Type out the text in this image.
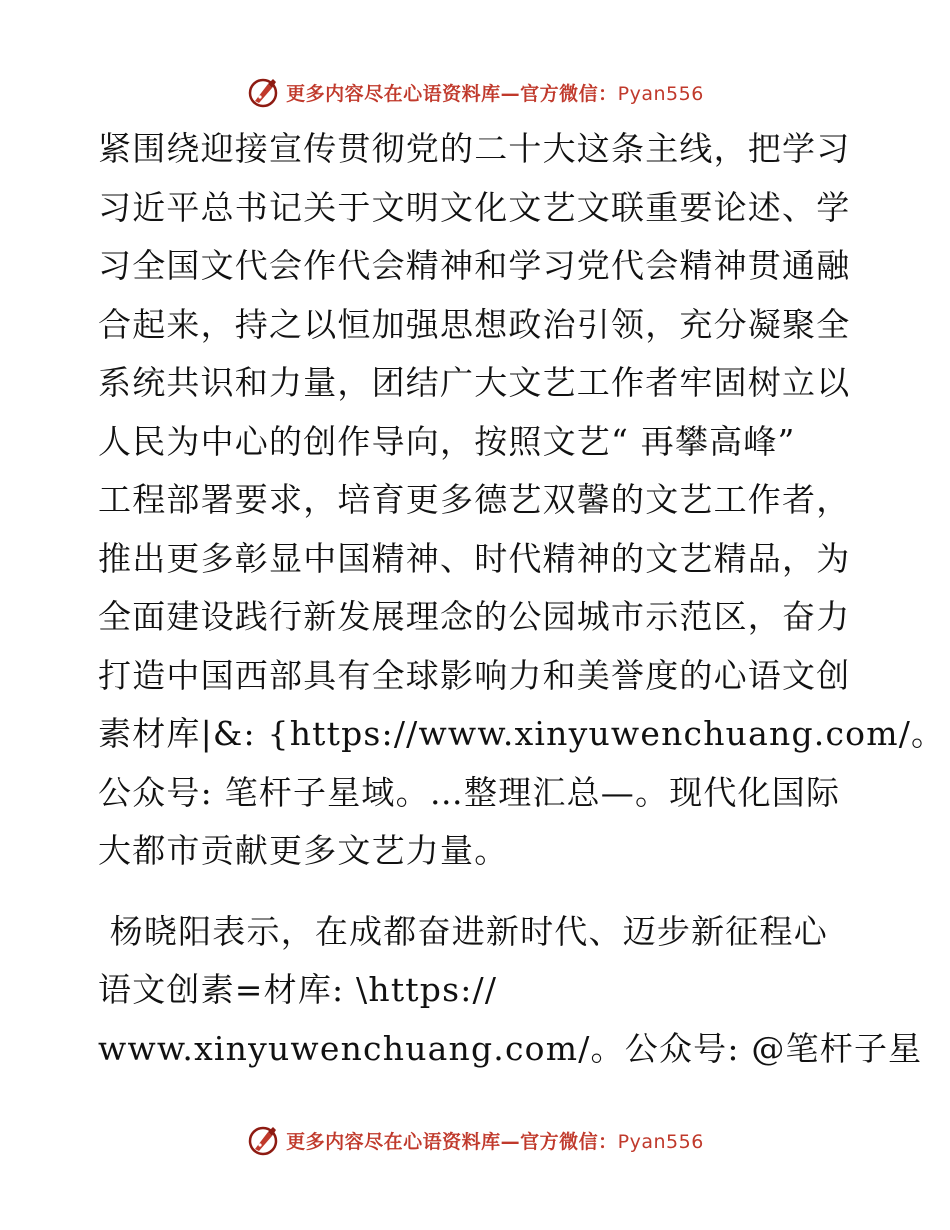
更多内容尽在心语资料库—官方微信：Pyan556

紧围绕迎接宣传贯彻党的二十大这条主线，把学习
习近平总书记关于文明文化文艺文联重要论述、学
习全国文代会作代会精神和学习党代会精神贯通融
合起来，持之以恒加强思想政治引领，充分凝聚全
系统共识和力量，团结广大文艺工作者牢固树立以
人民为中心的创作导向，按照文艺“ 再攀高峰”
工程部署要求，培育更多德艺双馨的文艺工作者，
推出更多彰显中国精神、时代精神的文艺精品，为
全面建设践行新发展理念的公园城市示范区，奋力
打造中国西部具有全球影响力和美誉度的心语文创
素材库|&: {https://www.xinyuwenchuang.com/。
公众号: 笔杆子星域。…整理汇总—。现代化国际
大都市贡献更多文艺力量。

杨晓阳表示，在成都奋进新时代、迈步新征程心
语文创素=材库: \https://
www.xinyuwenchuang.com/。公众号: @笔杆子星

更多内容尽在心语资料库—官方微信：Pyan556
